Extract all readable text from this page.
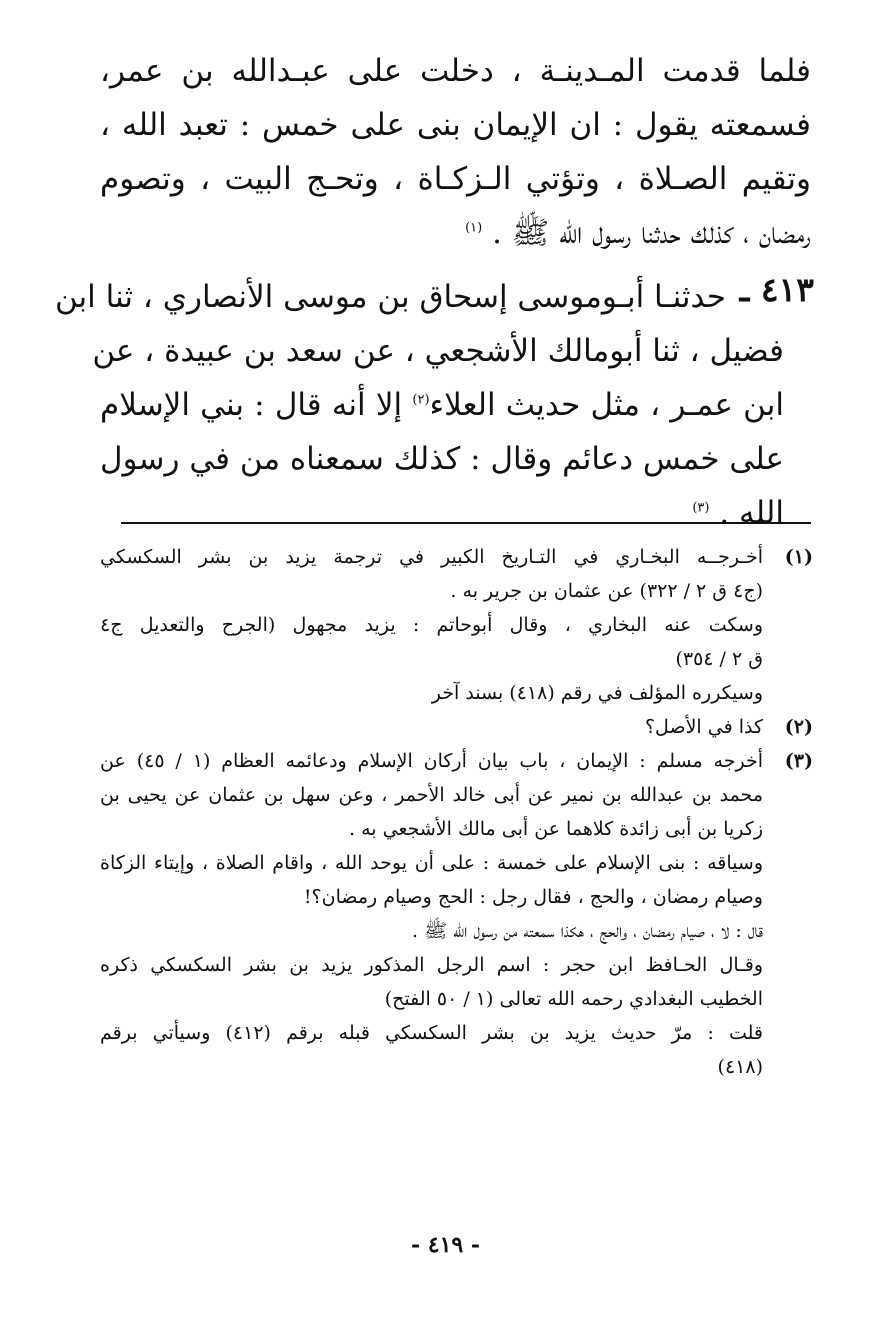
فلما قدمت المـدينـة ، دخلت على عبـدالله بن عمر،
فسمعته يقول : ان الإيمان بنى على خمس : تعبد الله ،
وتقيم الصـلاة ، وتؤتي الـزكـاة ، وتحـج البيت ، وتصوم
رمضان ، كذلك حدثنا رسول الله ﷺ . $^{(١)}$
٤١٣ ـ
حدثنـا أبـوموسى إسحاق بن موسى الأنصاري ، ثنا ابن
فضيل ، ثنا أبومالك الأشجعي ، عن سعد بن عبيدة ، عن
ابن عمـر ، مثل حديث العلاء$^{(٢)}$ إلا أنه قال : بني الإسلام
على خمس دعائم وقال : كذلك سمعناه من في رسول
الله . $^{(٣)}$
(١)
أخـرجــه البخـاري في التـاريخ الكبير في ترجمة يزيد بن بشر السكسكي
(ج٤ ق ٢ / ٣٢٢) عن عثمان بن جرير به .
وسكت عنه البخاري ، وقال أبوحاتم : يزيد مجهول (الجرح والتعديل ج٤
ق ٢ / ٣٥٤)
وسيكرره المؤلف في رقم (٤١٨) بسند آخر
(٢)
كذا في الأصل؟
(٣)
أخرجه مسلم : الإيمان ، باب بيان أركان الإسلام ودعائمه العظام (١ / ٤٥) عن
محمد بن عبدالله بن نمير عن أبى خالد الأحمر ، وعن سهل بن عثمان عن يحيى بن
زكريا بن أبى زائدة كلاهما عن أبى مالك الأشجعي به .
وسياقه : بنى الإسلام على خمسة : على أن يوحد الله ، واقام الصلاة ، وإيتاء الزكاة
وصيام رمضان ، والحج ، فقال رجل : الحج وصيام رمضان؟!
قال : لا ، صيام رمضان ، والحج ، هكذا سمعته من رسول الله ﷺ .
وقـال الحـافظ ابن حجر : اسم الرجل المذكور يزيد بن بشر السكسكي ذكره
الخطيب البغدادي رحمه الله تعالى (١ / ٥٠ الفتح)
قلت : مرّ حديث يزيد بن بشر السكسكي قبله برقم (٤١٢) وسيأتي برقم
(٤١٨)
- ٤١٩ -
